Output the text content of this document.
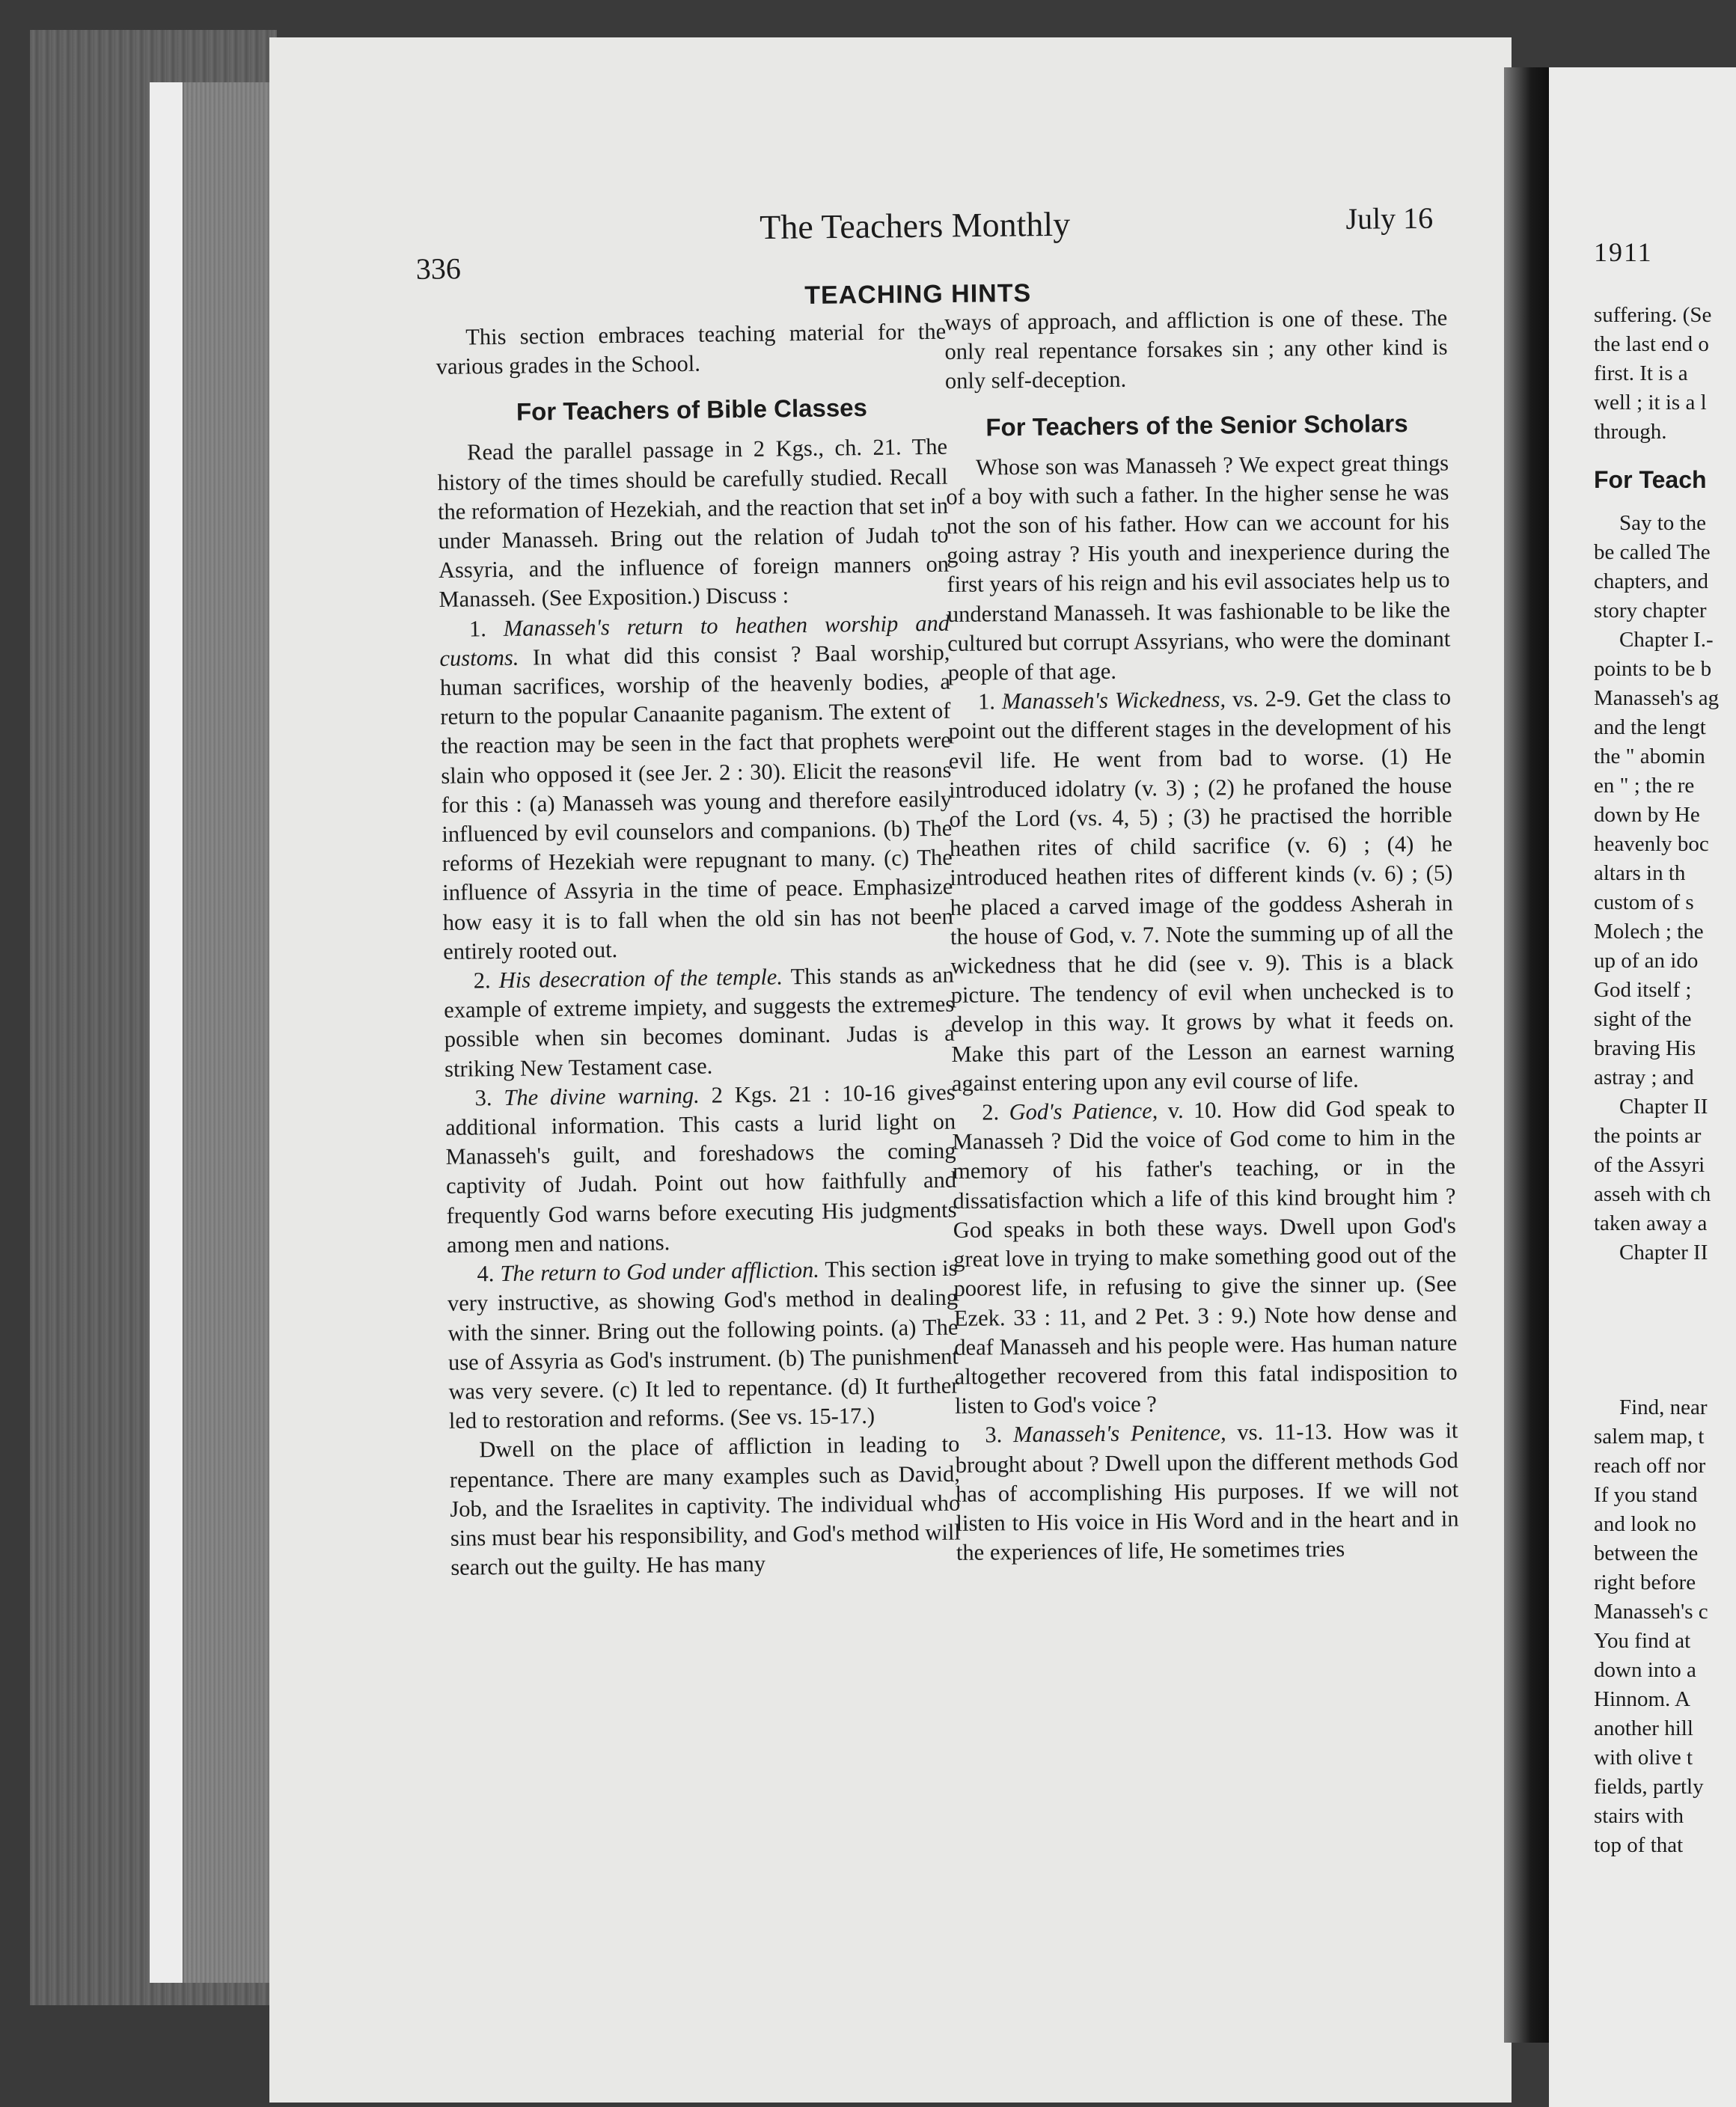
336
The Teachers Monthly	July 16
TEACHING HINTS

This section embraces teaching material for the various grades in the School.

For Teachers of Bible Classes

Read the parallel passage in 2 Kgs., ch. 21. The history of the times should be carefully studied. Recall the reformation of Hezekiah, and the reaction that set in under Manasseh. Bring out the relation of Judah to Assyria, and the influence of foreign manners on Manasseh. (See Exposition.) Discuss :

1. Manasseh's return to heathen worship and customs. In what did this consist ? Baal worship, human sacrifices, worship of the heavenly bodies, a return to the popular Canaanite paganism. The extent of the reaction may be seen in the fact that prophets were slain who opposed it (see Jer. 2 : 30). Elicit the reasons for this : (a) Manasseh was young and therefore easily influenced by evil counselors and companions. (b) The reforms of Hezekiah were repugnant to many. (c) The influence of Assyria in the time of peace. Emphasize how easy it is to fall when the old sin has not been entirely rooted out.

2. His desecration of the temple. This stands as an example of extreme impiety, and suggests the extremes possible when sin becomes dominant. Judas is a striking New Testament case.

3. The divine warning. 2 Kgs. 21 : 10-16 gives additional information. This casts a lurid light on Manasseh's guilt, and foreshadows the coming captivity of Judah. Point out how faithfully and frequently God warns before executing His judgments among men and nations.

4. The return to God under affliction. This section is very instructive, as showing God's method in dealing with the sinner. Bring out the following points. (a) The use of Assyria as God's instrument. (b) The punishment was very severe. (c) It led to repentance. (d) It further led to restoration and reforms. (See vs. 15-17.)

Dwell on the place of affliction in leading to repentance. There are many examples such as David, Job, and the Israelites in captivity. The individual who sins must bear his responsibility, and God's method will search out the guilty. He has many

ways of approach, and affliction is one of these. The only real repentance forsakes sin ; any other kind is only self-deception.

For Teachers of the Senior Scholars

Whose son was Manasseh ? We expect great things of a boy with such a father. In the higher sense he was not the son of his father. How can we account for his going astray ? His youth and inexperience during the first years of his reign and his evil associates help us to understand Manasseh. It was fashionable to be like the cultured but corrupt Assyrians, who were the dominant people of that age.

1. Manasseh's Wickedness, vs. 2-9. Get the class to point out the different stages in the development of his evil life. He went from bad to worse. (1) He introduced idolatry (v. 3) ; (2) he profaned the house of the Lord (vs. 4, 5) ; (3) he practised the horrible heathen rites of child sacrifice (v. 6) ; (4) he introduced heathen rites of different kinds (v. 6) ; (5) he placed a carved image of the goddess Asherah in the house of God, v. 7. Note the summing up of all the wickedness that he did (see v. 9). This is a black picture. The tendency of evil when unchecked is to develop in this way. It grows by what it feeds on. Make this part of the Lesson an earnest warning against entering upon any evil course of life.

2. God's Patience, v. 10. How did God speak to Manasseh ? Did the voice of God come to him in the memory of his father's teaching, or in the dissatisfaction which a life of this kind brought him ? God speaks in both these ways. Dwell upon God's great love in trying to make something good out of the poorest life, in refusing to give the sinner up. (See Ezek. 33 : 11, and 2 Pet. 3 : 9.) Note how dense and deaf Manasseh and his people were. Has human nature altogether recovered from this fatal indisposition to listen to God's voice ?

3. Manasseh's Penitence, vs. 11-13. How was it brought about ? Dwell upon the different methods God has of accomplishing His purposes. If we will not listen to His voice in His Word and in the heart and in the experiences of life, He sometimes tries

1911
suffering. (Se
the last end o
first. It is a
well ; it is a l
through.
For Teach
Say to the
be called The
chapters, and
story chapter
Chapter I.-
points to be b
Manasseh's ag
and the lengt
the " abomin
en " ; the re
down by He
heavenly boc
altars in th
custom of s
Molech ; the
up of an ido
God itself ;
sight of the
braving His
astray ; and
Chapter II
the points ar
of the Assyri
asseh with ch
taken away a
Chapter II
Find, near
salem map, t
reach off nor
If you stand
and look no
between the
right before
Manasseh's c
You find at
down into a
Hinnom. A
another hill
with olive t
fields, partly
stairs with
top of that
